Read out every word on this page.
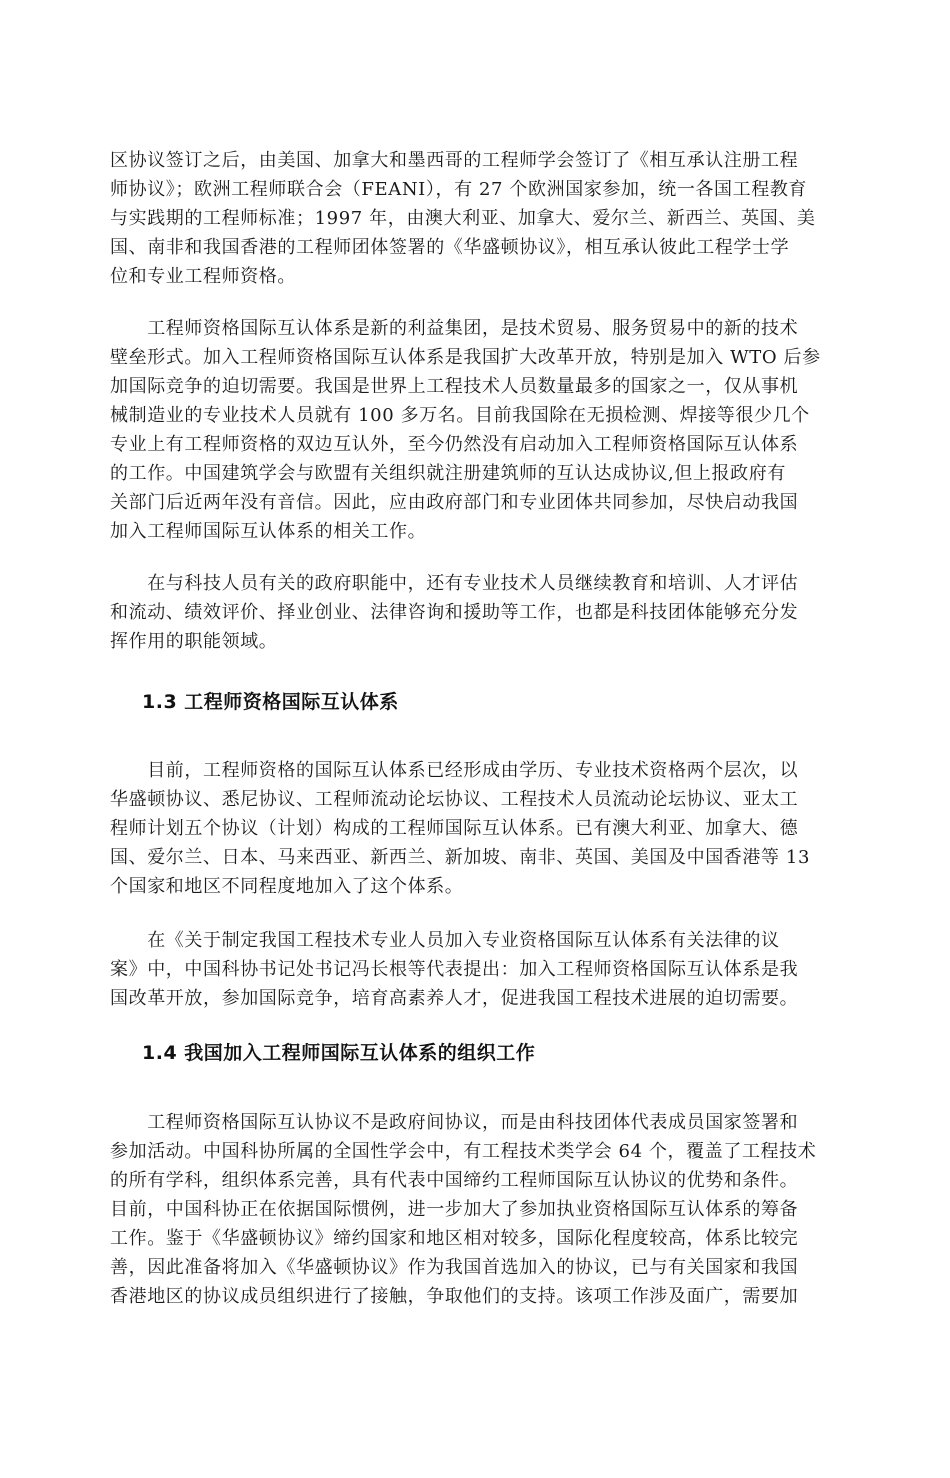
区协议签订之后，由美国、加拿大和墨西哥的工程师学会签订了《相互承认注册工程
师协议》；欧洲工程师联合会（FEANI），有 27 个欧洲国家参加，统一各国工程教育
与实践期的工程师标准；1997 年，由澳大利亚、加拿大、爱尔兰、新西兰、英国、美
国、南非和我国香港的工程师团体签署的《华盛顿协议》，相互承认彼此工程学士学
位和专业工程师资格。
　　工程师资格国际互认体系是新的利益集团，是技术贸易、服务贸易中的新的技术
壁垒形式。加入工程师资格国际互认体系是我国扩大改革开放，特别是加入 WTO 后参
加国际竞争的迫切需要。我国是世界上工程技术人员数量最多的国家之一，仅从事机
械制造业的专业技术人员就有 100 多万名。目前我国除在无损检测、焊接等很少几个
专业上有工程师资格的双边互认外，至今仍然没有启动加入工程师资格国际互认体系
的工作。中国建筑学会与欧盟有关组织就注册建筑师的互认达成协议,但上报政府有
关部门后近两年没有音信。因此，应由政府部门和专业团体共同参加，尽快启动我国
加入工程师国际互认体系的相关工作。
　　在与科技人员有关的政府职能中，还有专业技术人员继续教育和培训、人才评估
和流动、绩效评价、择业创业、法律咨询和援助等工作，也都是科技团体能够充分发
挥作用的职能领域。
1.3 工程师资格国际互认体系
　　目前，工程师资格的国际互认体系已经形成由学历、专业技术资格两个层次，以
华盛顿协议、悉尼协议、工程师流动论坛协议、工程技术人员流动论坛协议、亚太工
程师计划五个协议（计划）构成的工程师国际互认体系。已有澳大利亚、加拿大、德
国、爱尔兰、日本、马来西亚、新西兰、新加坡、南非、英国、美国及中国香港等 13
个国家和地区不同程度地加入了这个体系。
　　在《关于制定我国工程技术专业人员加入专业资格国际互认体系有关法律的议
案》中，中国科协书记处书记冯长根等代表提出：加入工程师资格国际互认体系是我
国改革开放，参加国际竞争，培育高素养人才，促进我国工程技术进展的迫切需要。
1.4 我国加入工程师国际互认体系的组织工作
　　工程师资格国际互认协议不是政府间协议，而是由科技团体代表成员国家签署和
参加活动。中国科协所属的全国性学会中，有工程技术类学会 64 个，覆盖了工程技术
的所有学科，组织体系完善，具有代表中国缔约工程师国际互认协议的优势和条件。
目前，中国科协正在依据国际惯例，进一步加大了参加执业资格国际互认体系的筹备
工作。鉴于《华盛顿协议》缔约国家和地区相对较多，国际化程度较高，体系比较完
善，因此准备将加入《华盛顿协议》作为我国首选加入的协议，已与有关国家和我国
香港地区的协议成员组织进行了接触，争取他们的支持。该项工作涉及面广，需要加
